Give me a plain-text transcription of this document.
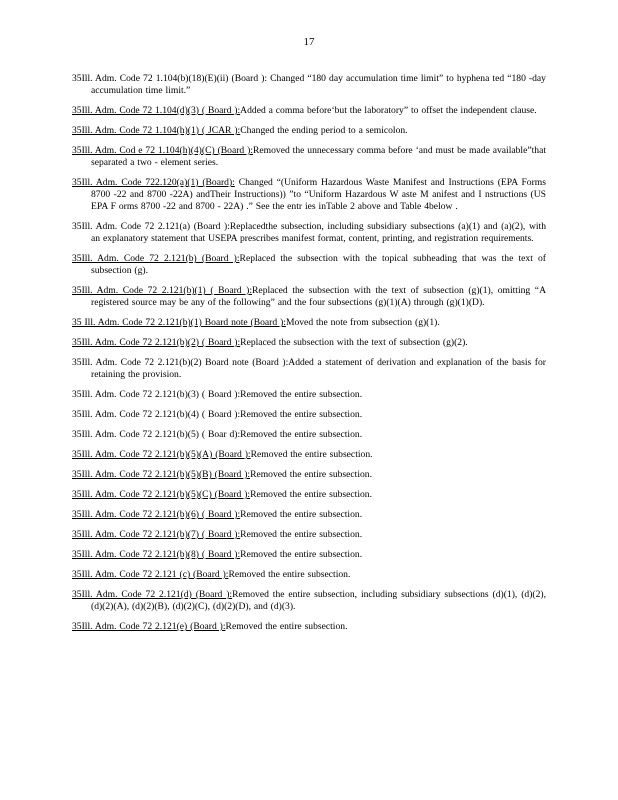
17

35Ill. Adm. Code 72 1.104(b)(18)(E)(ii) (Board ): Changed “180 day accumulation time limit” to hyphena ted “180 -day accumulation time limit.”

35Ill. Adm. Code 72 1.104(d)(3) ( Board ):Added a comma before‘but the laboratory” to offset the independent clause.

35Ill. Adm. Code 72 1.104(h)(1) ( JCAR ):Changed the ending period to a semicolon.

35Ill. Adm. Cod e 72 1.104(h)(4)(C) (Board ):Removed the unnecessary comma before ‘and must be made available”that separated a two - element series.

35Ill. Adm. Code 722.120(a)(1) (Board): Changed “(Uniform Hazardous Waste Manifest and Instructions (EPA Forms 8700 -22 and 8700 -22A) andTheir Instructions)) ”to “Uniform Hazardous W aste M anifest and I nstructions (US EPA F orms 8700 -22 and 8700 - 22A) .” See the entr ies inTable 2 above and Table 4below .

35Ill. Adm. Code 72 2.121(a) (Board ):Replacedthe subsection, including subsidiary subsections (a)(1) and (a)(2), with an explanatory statement that USEPA prescribes manifest format, content, printing, and registration requirements.

35Ill. Adm. Code 72 2.121(b) (Board ):Replaced the subsection with the topical subheading that was the text of subsection (g).

35Ill. Adm. Code 72 2.121(b)(1) ( Board ):Replaced the subsection with the text of subsection (g)(1), omitting “A registered source may be any of the following” and the four subsections (g)(1)(A) through (g)(1)(D).

35 Ill. Adm. Code 72 2.121(b)(1) Board note (Board ):Moved the note from subsection (g)(1).

35Ill. Adm. Code 72 2.121(b)(2) ( Board ):Replaced the subsection with the text of subsection (g)(2).

35Ill. Adm. Code 72 2.121(b)(2) Board note (Board ):Added a statement of derivation and explanation of the basis for retaining the provision.

35Ill. Adm. Code 72 2.121(b)(3) ( Board ):Removed the entire subsection.

35Ill. Adm. Code 72 2.121(b)(4) ( Board ):Removed the entire subsection.

35Ill. Adm. Code 72 2.121(b)(5) ( Boar d):Removed the entire subsection.

35Ill. Adm. Code 72 2.121(b)(5)(A) (Board ):Removed the entire subsection.

35Ill. Adm. Code 72 2.121(b)(5)(B) (Board ):Removed the entire subsection.

35Ill. Adm. Code 72 2.121(b)(5)(C) (Board ):Removed the entire subsection.

35Ill. Adm. Code 72 2.121(b)(6) ( Board ):Removed the entire subsection.

35Ill. Adm. Code 72 2.121(b)(7) ( Board ):Removed the entire subsection.

35Ill. Adm. Code 72 2.121(b)(8) ( Board ):Removed the entire subsection.

35Ill. Adm. Code 72 2.121 (c) (Board ):Removed the entire subsection.

35Ill. Adm. Code 72 2.121(d) (Board ):Removed the entire subsection, including subsidiary subsections (d)(1), (d)(2), (d)(2)(A), (d)(2)(B), (d)(2)(C), (d)(2)(D), and (d)(3).

35Ill. Adm. Code 72 2.121(e) (Board ):Removed the entire subsection.
